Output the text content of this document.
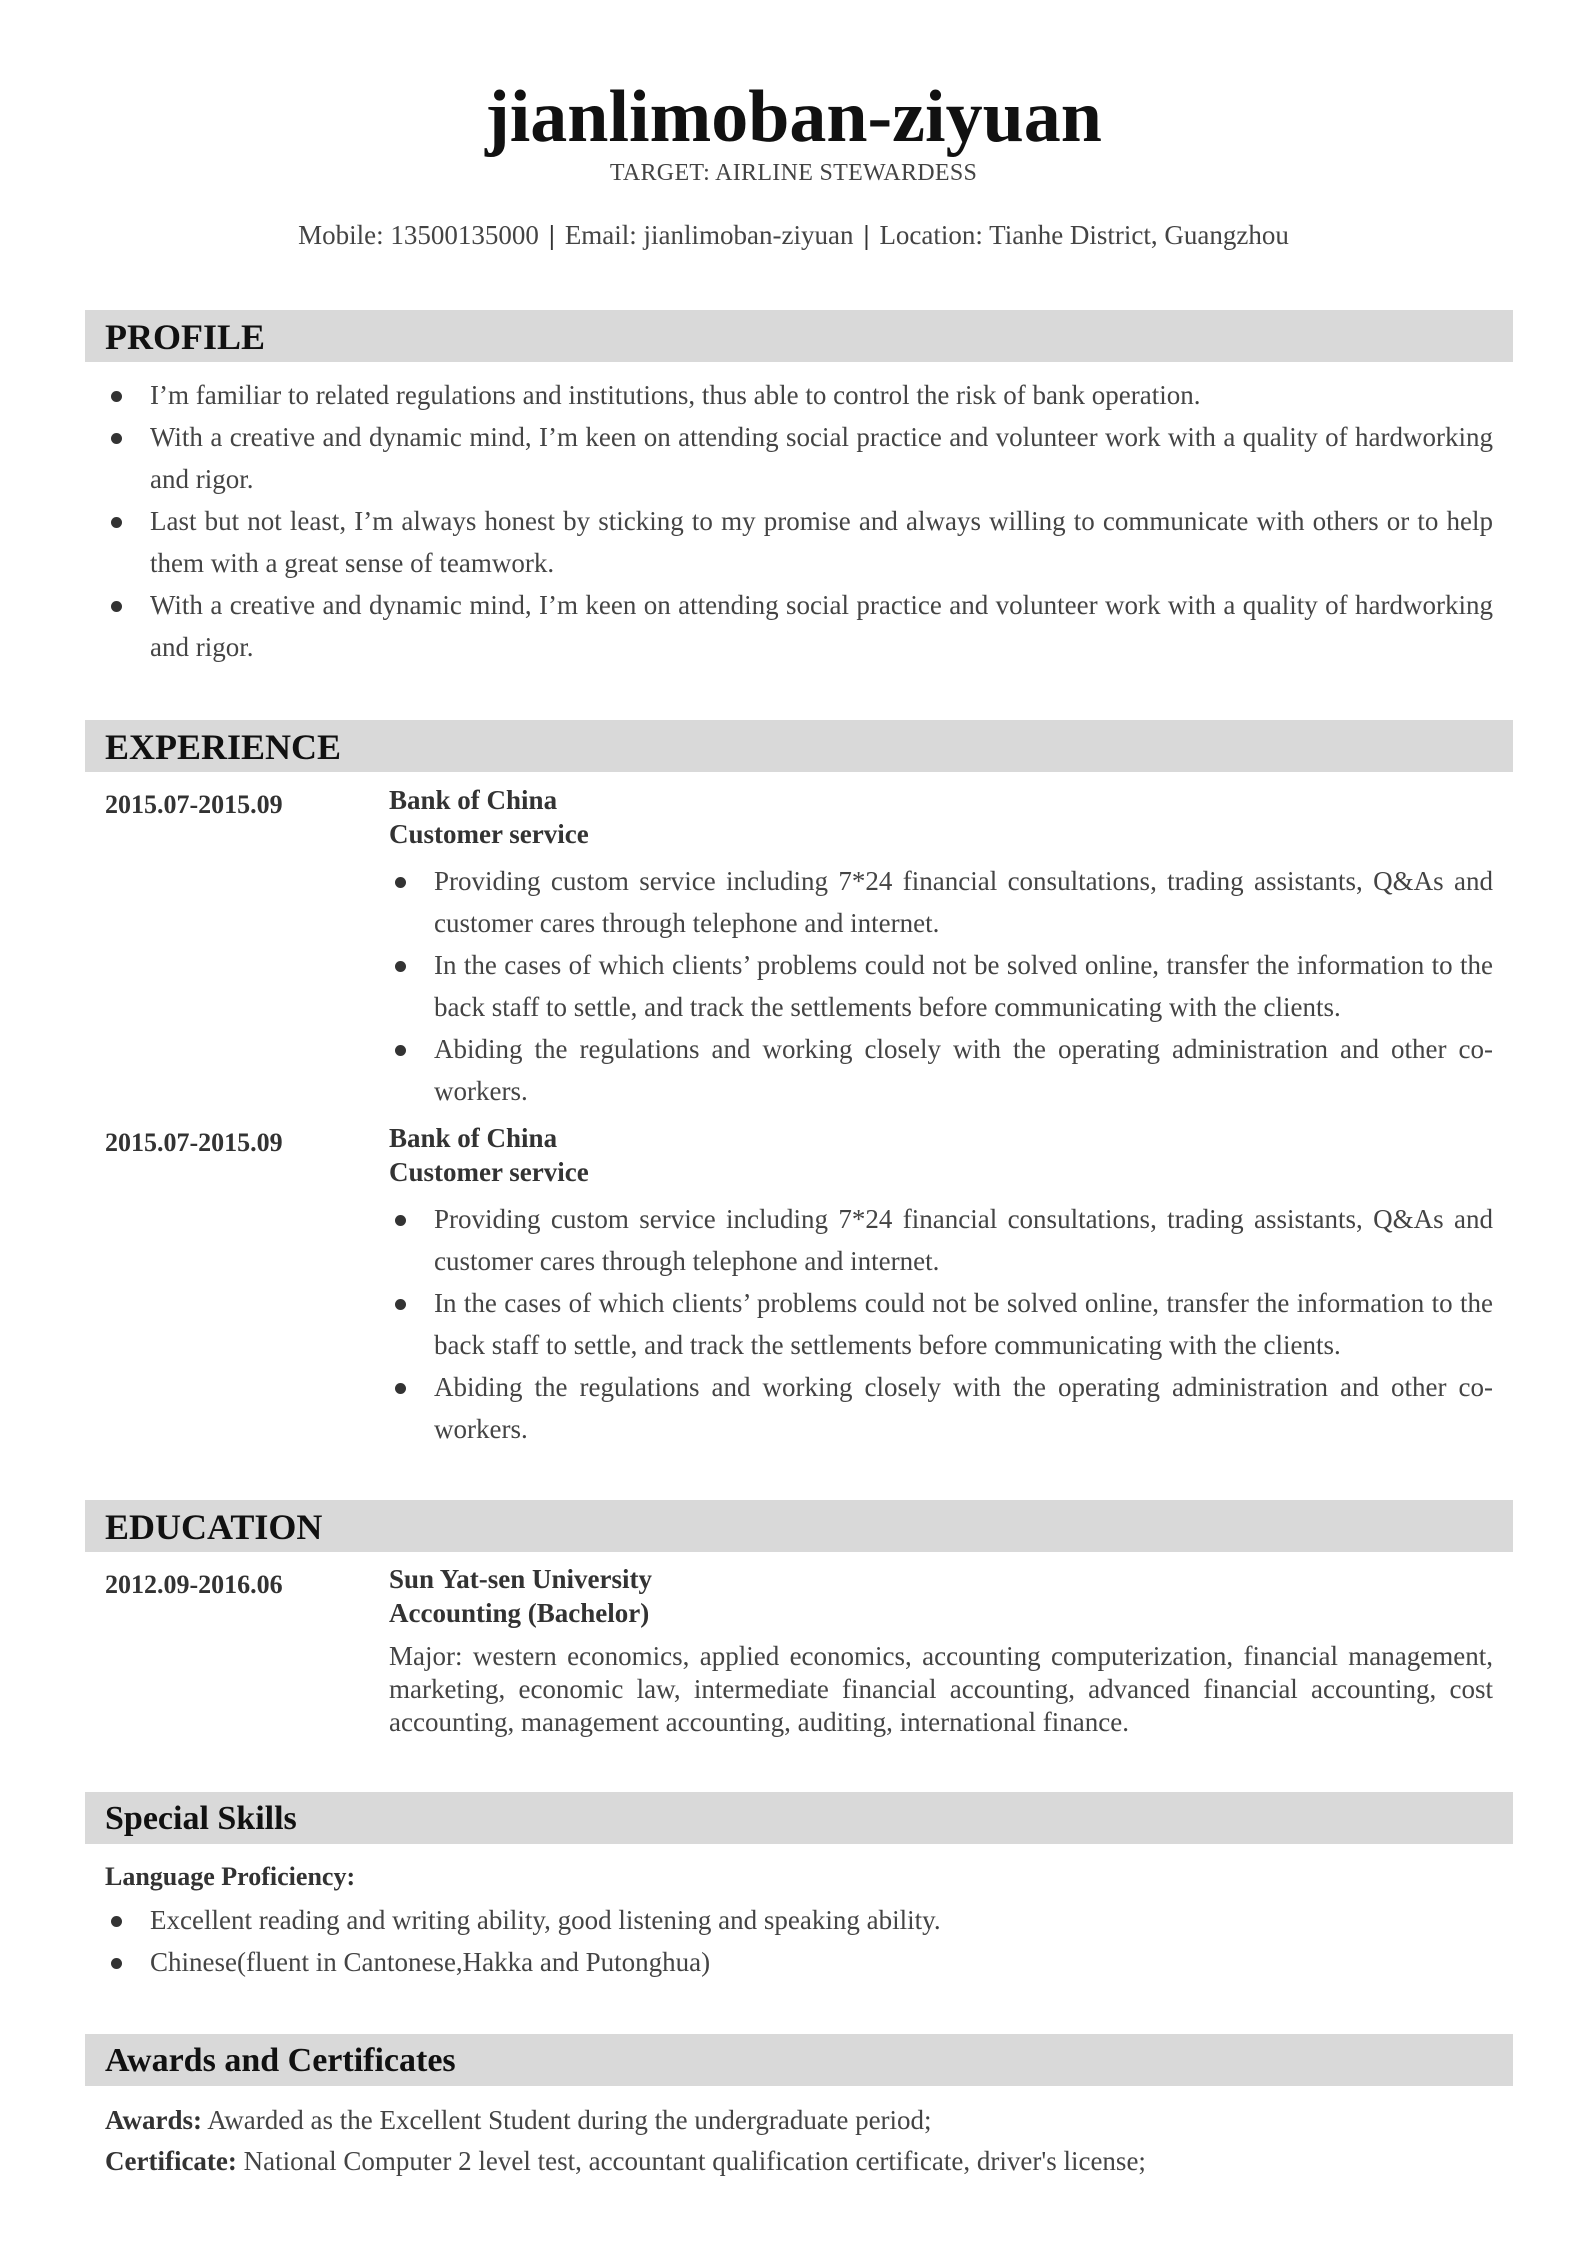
jianlimoban-ziyuan
TARGET: AIRLINE STEWARDESS
Mobile: 13500135000 | Email: jianlimoban-ziyuan | Location: Tianhe District, Guangzhou
PROFILE
I’m familiar to related regulations and institutions, thus able to control the risk of bank operation.
With a creative and dynamic mind, I’m keen on attending social practice and volunteer work with a quality of hardworking and rigor.
Last but not least, I’m always honest by sticking to my promise and always willing to communicate with others or to help them with a great sense of teamwork.
With a creative and dynamic mind, I’m keen on attending social practice and volunteer work with a quality of hardworking and rigor.
EXPERIENCE
2015.07-2015.09	Bank of China
Customer service
Providing custom service including 7*24 financial consultations, trading assistants, Q&As and customer cares through telephone and internet.
In the cases of which clients’ problems could not be solved online, transfer the information to the back staff to settle, and track the settlements before communicating with the clients.
Abiding the regulations and working closely with the operating administration and other co-workers.
2015.07-2015.09	Bank of China
Customer service
Providing custom service including 7*24 financial consultations, trading assistants, Q&As and customer cares through telephone and internet.
In the cases of which clients’ problems could not be solved online, transfer the information to the back staff to settle, and track the settlements before communicating with the clients.
Abiding the regulations and working closely with the operating administration and other co-workers.
EDUCATION
2012.09-2016.06	Sun Yat-sen University
Accounting (Bachelor)
Major: western economics, applied economics, accounting computerization, financial management, marketing, economic law, intermediate financial accounting, advanced financial accounting, cost accounting, management accounting, auditing, international finance.
Special Skills
Language Proficiency:
Excellent reading and writing ability, good listening and speaking ability.
Chinese(fluent in Cantonese,Hakka and Putonghua)
Awards and Certificates
Awards: Awarded as the Excellent Student during the undergraduate period;
Certificate: National Computer 2 level test, accountant qualification certificate, driver's license;
